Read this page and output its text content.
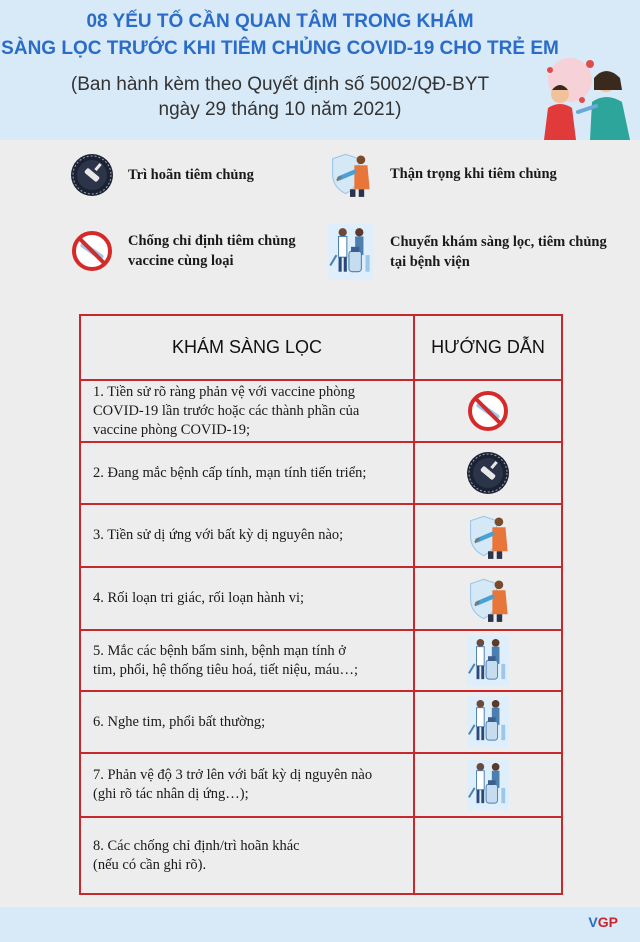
08 YẾU TỐ CẦN QUAN TÂM TRONG KHÁM
SÀNG LỌC TRƯỚC KHI TIÊM CHỦNG COVID-19 CHO TRẺ EM
(Ban hành kèm theo Quyết định số 5002/QĐ-BYT
ngày 29 tháng 10 năm 2021)
Trì hoãn tiêm chủng	Thận trọng khi tiêm chủng
Chống chỉ định tiêm chủng
vaccine cùng loại
Chuyển khám sàng lọc, tiêm chủng
tại bệnh viện
KHÁM SÀNG LỌC	HƯỚNG DẪN

1. Tiền sử rõ ràng phản vệ với vaccine phòng
COVID-19 lần trước hoặc các thành phần của
vaccine phòng COVID-19;

2. Đang mắc bệnh cấp tính, mạn tính tiến triển;

3. Tiền sử dị ứng với bất kỳ dị nguyên nào;

4. Rối loạn tri giác, rối loạn hành vi;

5. Mắc các bệnh bẩm sinh, bệnh mạn tính ở
tim, phổi, hệ thống tiêu hoá, tiết niệu, máu…;

6. Nghe tim, phổi bất thường;

7. Phản vệ độ 3 trở lên với bất kỳ dị nguyên nào
(ghi rõ tác nhân dị ứng…);

8. Các chống chỉ định/trì hoãn khác
(nếu có cần ghi rõ).	

VGP
